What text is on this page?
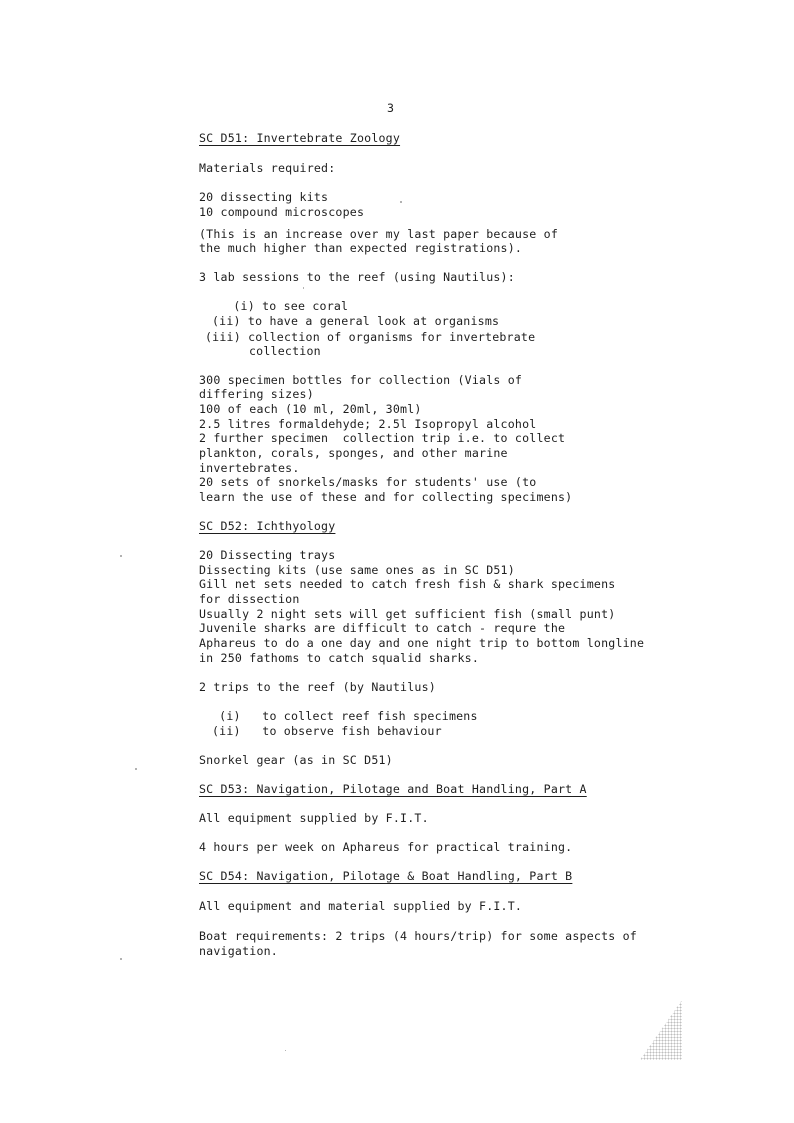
3
SC D51: Invertebrate Zoology
Materials required:
20 dissecting kits
10 compound microscopes
(This is an increase over my last paper because of
the much higher than expected registrations).
3 lab sessions to the reef (using Nautilus):
(i) to see coral
(ii) to have a general look at organisms
(iii) collection of organisms for invertebrate
collection
300 specimen bottles for collection (Vials of
differing sizes)
100 of each (10 ml, 20ml, 30ml)
2.5 litres formaldehyde; 2.5l Isopropyl alcohol
2 further specimen  collection trip i.e. to collect
plankton, corals, sponges, and other marine
invertebrates.
20 sets of snorkels/masks for students' use (to
learn the use of these and for collecting specimens)
SC D52: Ichthyology
20 Dissecting trays
Dissecting kits (use same ones as in SC D51)
Gill net sets needed to catch fresh fish & shark specimens
for dissection
Usually 2 night sets will get sufficient fish (small punt)
Juvenile sharks are difficult to catch - requre the
Aphareus to do a one day and one night trip to bottom longline
in 250 fathoms to catch squalid sharks.
2 trips to the reef (by Nautilus)
(i)   to collect reef fish specimens
(ii)   to observe fish behaviour
Snorkel gear (as in SC D51)
SC D53: Navigation, Pilotage and Boat Handling, Part A
All equipment supplied by F.I.T.
4 hours per week on Aphareus for practical training.
SC D54: Navigation, Pilotage & Boat Handling, Part B
All equipment and material supplied by F.I.T.
Boat requirements: 2 trips (4 hours/trip) for some aspects of
navigation.
